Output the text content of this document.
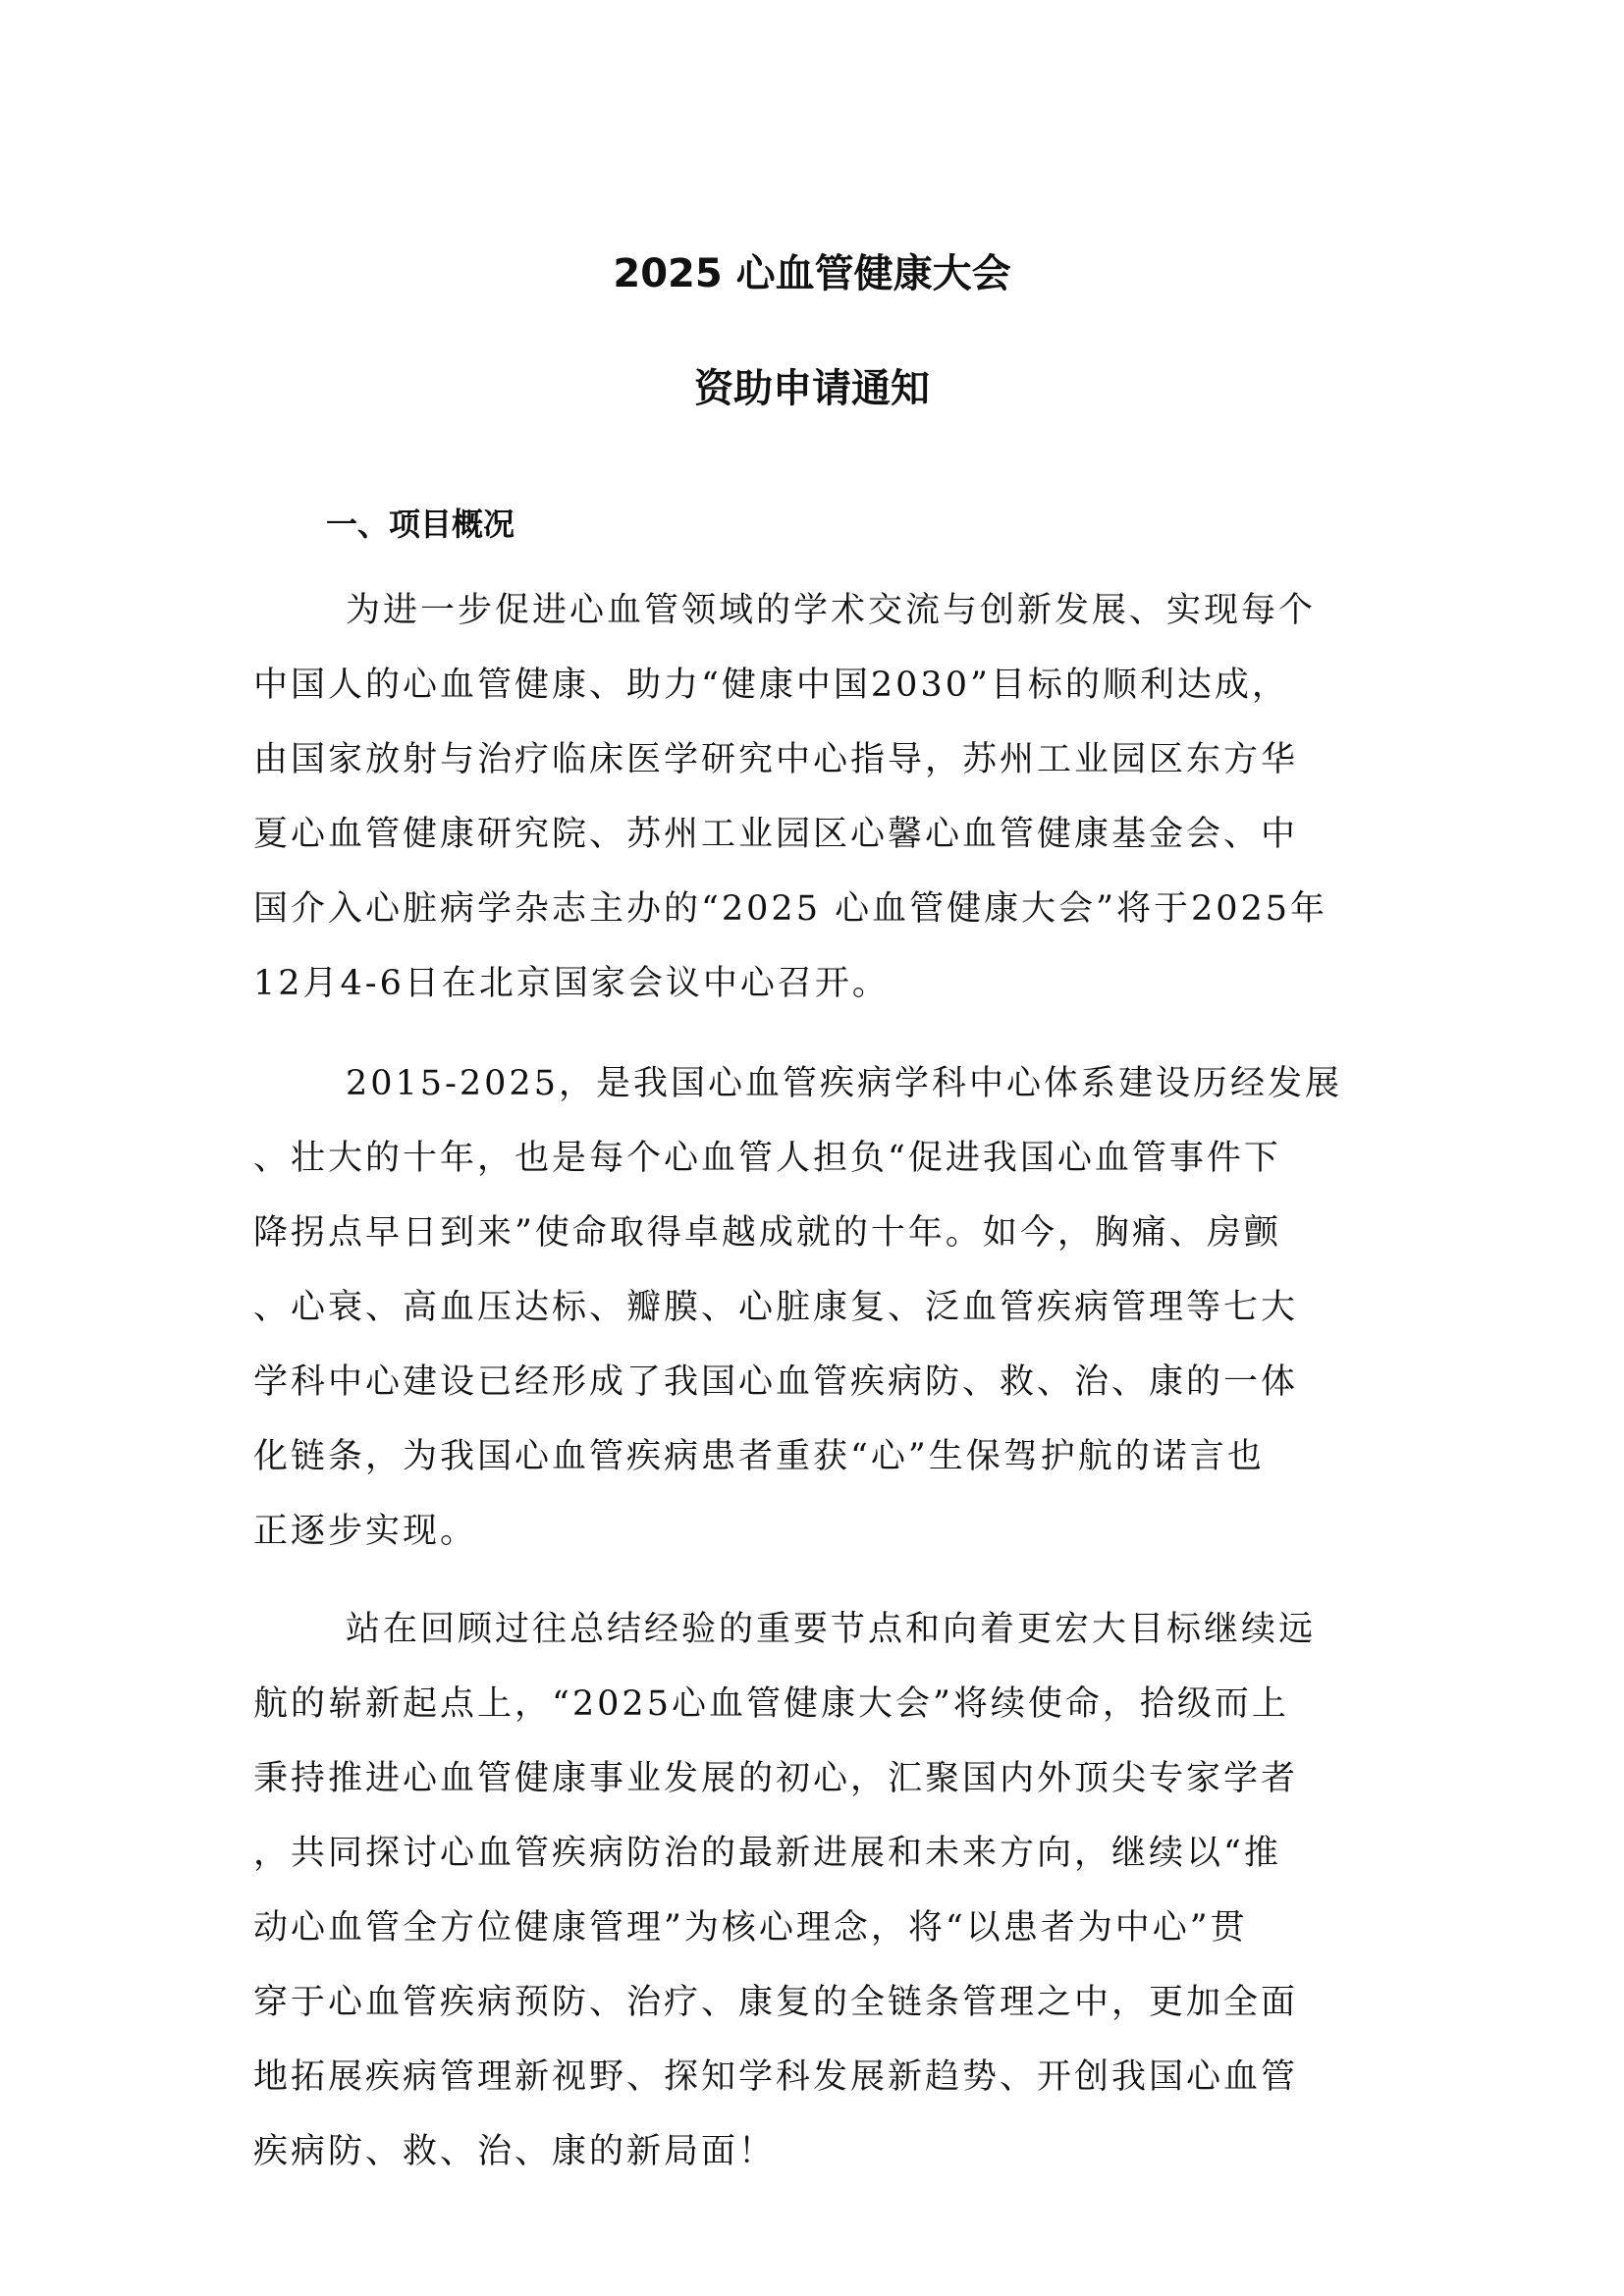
2025 心血管健康大会
资助申请通知
一、项目概况

为进一步促进心血管领域的学术交流与创新发展、实现每个
中国人的心血管健康、助力“健康中国2030”目标的顺利达成，
由国家放射与治疗临床医学研究中心指导，苏州工业园区东方华
夏心血管健康研究院、苏州工业园区心馨心血管健康基金会、中
国介入心脏病学杂志主办的“2025 心血管健康大会”将于2025年
12月4-6日在北京国家会议中心召开。

2015-2025，是我国心血管疾病学科中心体系建设历经发展
、壮大的十年，也是每个心血管人担负“促进我国心血管事件下
降拐点早日到来”使命取得卓越成就的十年。如今，胸痛、房颤
、心衰、高血压达标、瓣膜、心脏康复、泛血管疾病管理等七大
学科中心建设已经形成了我国心血管疾病防、救、治、康的一体
化链条，为我国心血管疾病患者重获“心”生保驾护航的诺言也
正逐步实现。

站在回顾过往总结经验的重要节点和向着更宏大目标继续远
航的崭新起点上，“2025心血管健康大会”将续使命，拾级而上
秉持推进心血管健康事业发展的初心，汇聚国内外顶尖专家学者
，共同探讨心血管疾病防治的最新进展和未来方向，继续以“推
动心血管全方位健康管理”为核心理念，将“以患者为中心”贯
穿于心血管疾病预防、治疗、康复的全链条管理之中，更加全面
地拓展疾病管理新视野、探知学科发展新趋势、开创我国心血管
疾病防、救、治、康的新局面！
